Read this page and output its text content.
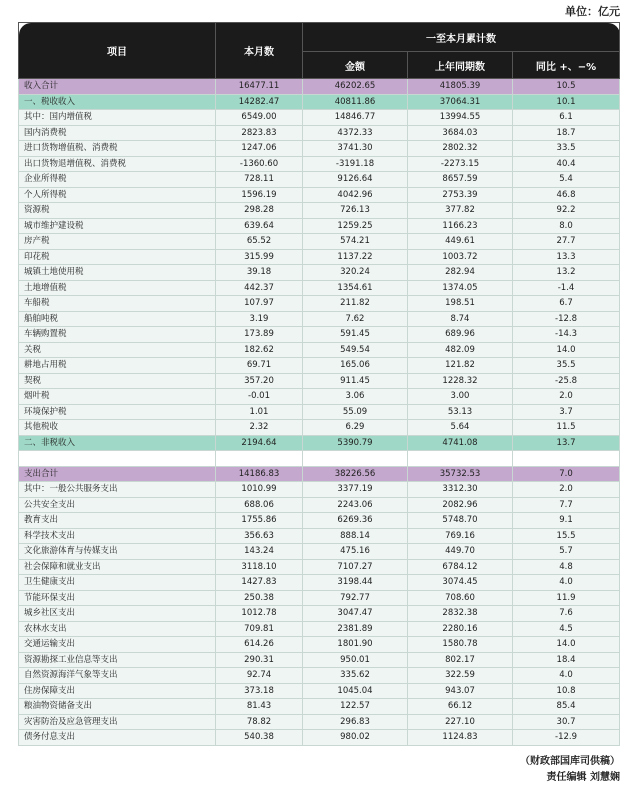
单位：亿元
项目	本月数	一至本月累计数		
		金额	上年同期数	同比 +、−%
收入合计	16477.11	46202.65	41805.39	10.5
一、税收收入	14282.47	40811.86	37064.31	10.1
其中：国内增值税	6549.00	14846.77	13994.55	6.1
国内消费税	2823.83	4372.33	3684.03	18.7
进口货物增值税、消费税	1247.06	3741.30	2802.32	33.5
出口货物退增值税、消费税	-1360.60	-3191.18	-2273.15	40.4
企业所得税	728.11	9126.64	8657.59	5.4
个人所得税	1596.19	4042.96	2753.39	46.8
资源税	298.28	726.13	377.82	92.2
城市维护建设税	639.64	1259.25	1166.23	8.0
房产税	65.52	574.21	449.61	27.7
印花税	315.99	1137.22	1003.72	13.3
城镇土地使用税	39.18	320.24	282.94	13.2
土地增值税	442.37	1354.61	1374.05	-1.4
车船税	107.97	211.82	198.51	6.7
船舶吨税	3.19	7.62	8.74	-12.8
车辆购置税	173.89	591.45	689.96	-14.3
关税	182.62	549.54	482.09	14.0
耕地占用税	69.71	165.06	121.82	35.5
契税	357.20	911.45	1228.32	-25.8
烟叶税	-0.01	3.06	3.00	2.0
环境保护税	1.01	55.09	53.13	3.7
其他税收	2.32	6.29	5.64	11.5
二、非税收入	2194.64	5390.79	4741.08	13.7

支出合计	14186.83	38226.56	35732.53	7.0
其中：一般公共服务支出	1010.99	3377.19	3312.30	2.0
公共安全支出	688.06	2243.06	2082.96	7.7
教育支出	1755.86	6269.36	5748.70	9.1
科学技术支出	356.63	888.14	769.16	15.5
文化旅游体育与传媒支出	143.24	475.16	449.70	5.7
社会保障和就业支出	3118.10	7107.27	6784.12	4.8
卫生健康支出	1427.83	3198.44	3074.45	4.0
节能环保支出	250.38	792.77	708.60	11.9
城乡社区支出	1012.78	3047.47	2832.38	7.6
农林水支出	709.81	2381.89	2280.16	4.5
交通运输支出	614.26	1801.90	1580.78	14.0
资源勘探工业信息等支出	290.31	950.01	802.17	18.4
自然资源海洋气象等支出	92.74	335.62	322.59	4.0
住房保障支出	373.18	1045.04	943.07	10.8
粮油物资储备支出	81.43	122.57	66.12	85.4
灾害防治及应急管理支出	78.82	296.83	227.10	30.7
债务付息支出	540.38	980.02	1124.83	-12.9
（财政部国库司供稿）
责任编辑 刘慧娴
